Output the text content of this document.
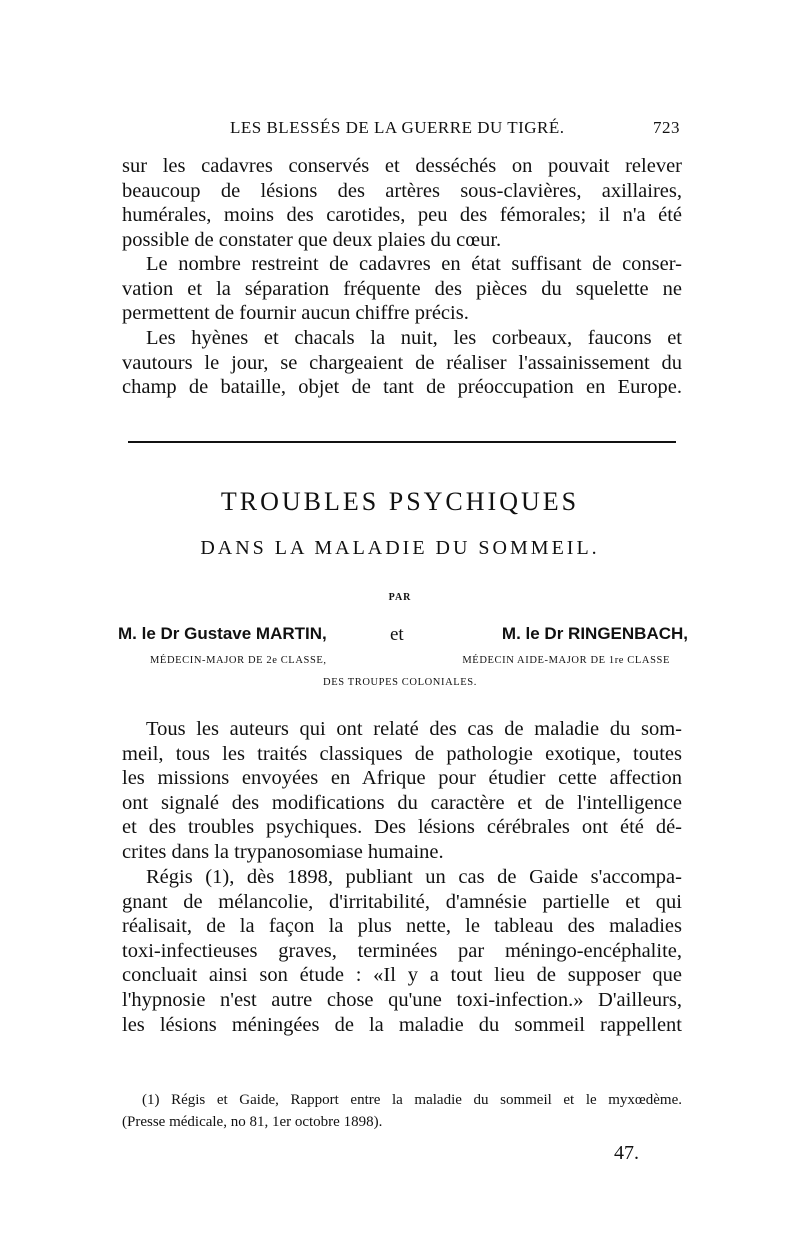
LES BLESSÉS DE LA GUERRE DU TIGRÉ.	723

sur les cadavres conservés et desséchés on pouvait relever
beaucoup de lésions des artères sous-clavières, axillaires,
humérales, moins des carotides, peu des fémorales; il n'a été
possible de constater que deux plaies du cœur.

Le nombre restreint de cadavres en état suffisant de conser-
vation et la séparation fréquente des pièces du squelette ne
permettent de fournir aucun chiffre précis.

Les hyènes et chacals la nuit, les corbeaux, faucons et
vautours le jour, se chargeaient de réaliser l'assainissement du
champ de bataille, objet de tant de préoccupation en Europe.

TROUBLES PSYCHIQUES
DANS LA MALADIE DU SOMMEIL.
PAR
M. le Dr Gustave MARTIN,	et	M. le Dr RINGENBACH,
MÉDECIN-MAJOR DE 2e CLASSE,	MÉDECIN AIDE-MAJOR DE 1re CLASSE
DES TROUPES COLONIALES.

Tous les auteurs qui ont relaté des cas de maladie du som-
meil, tous les traités classiques de pathologie exotique, toutes
les missions envoyées en Afrique pour étudier cette affection
ont signalé des modifications du caractère et de l'intelligence
et des troubles psychiques. Des lésions cérébrales ont été dé-
crites dans la trypanosomiase humaine.

Régis (1), dès 1898, publiant un cas de Gaide s'accompa-
gnant de mélancolie, d'irritabilité, d'amnésie partielle et qui
réalisait, de la façon la plus nette, le tableau des maladies
toxi-infectieuses graves, terminées par méningo-encéphalite,
concluait ainsi son étude : «Il y a tout lieu de supposer que
l'hypnosie n'est autre chose qu'une toxi-infection.» D'ailleurs,
les lésions méningées de la maladie du sommeil rappellent

(1) Régis et Gaide, Rapport entre la maladie du sommeil et le myxœdème.
(Presse médicale, no 81, 1er octobre 1898).
47.
